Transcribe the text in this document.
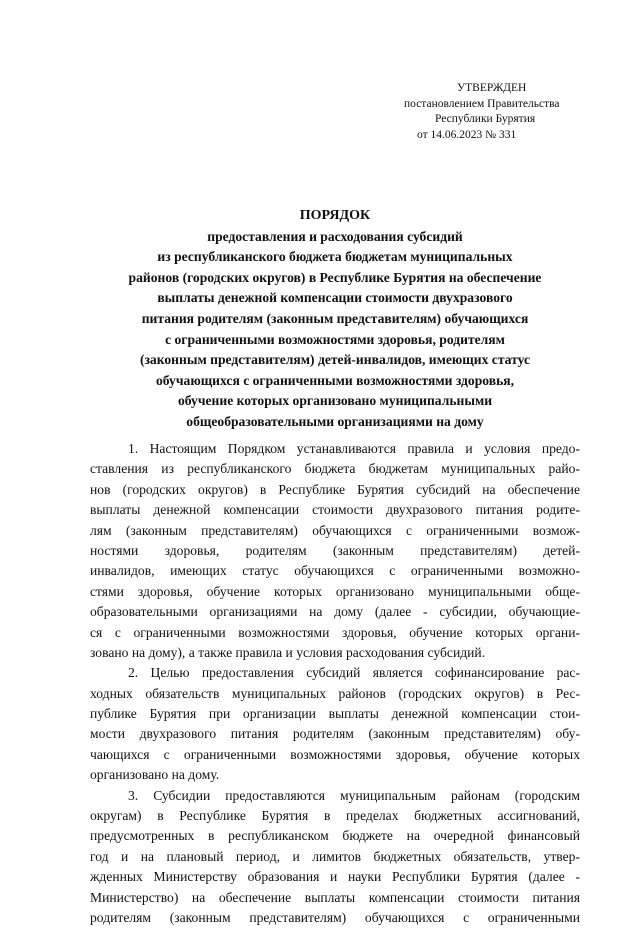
УТВЕРЖДЕН
постановлением Правительства
Республики Бурятия
от 14.06.2023 № 331
ПОРЯДОК
предоставления и расходования субсидий
из республиканского бюджета бюджетам муниципальных
районов (городских округов) в Республике Бурятия на обеспечение
выплаты денежной компенсации стоимости двухразового
питания родителям (законным представителям) обучающихся
с ограниченными возможностями здоровья, родителям
(законным представителям) детей-инвалидов, имеющих статус
обучающихся с ограниченными возможностями здоровья,
обучение которых организовано муниципальными
общеобразовательными организациями на дому
1. Настоящим Порядком устанавливаются правила и условия предо-
ставления из республиканского бюджета бюджетам муниципальных райо-
нов (городских округов) в Республике Бурятия субсидий на обеспечение
выплаты денежной компенсации стоимости двухразового питания родите-
лям (законным представителям) обучающихся с ограниченными возмож-
ностями здоровья, родителям (законным представителям) детей-
инвалидов, имеющих статус обучающихся с ограниченными возможно-
стями здоровья, обучение которых организовано муниципальными обще-
образовательными организациями на дому (далее - субсидии, обучающие-
ся с ограниченными возможностями здоровья, обучение которых органи-
зовано на дому), а также правила и условия расходования субсидий.
2. Целью предоставления субсидий является софинансирование рас-
ходных обязательств муниципальных районов (городских округов) в Рес-
публике Бурятия при организации выплаты денежной компенсации стои-
мости двухразового питания родителям (законным представителям) обу-
чающихся с ограниченными возможностями здоровья, обучение которых
организовано на дому.
3. Субсидии предоставляются муниципальным районам (городским
округам) в Республике Бурятия в пределах бюджетных ассигнований,
предусмотренных в республиканском бюджете на очередной финансовый
год и на плановый период, и лимитов бюджетных обязательств, утвер-
жденных Министерству образования и науки Республики Бурятия (далее -
Министерство) на обеспечение выплаты компенсации стоимости питания
родителям (законным представителям) обучающихся с ограниченными
